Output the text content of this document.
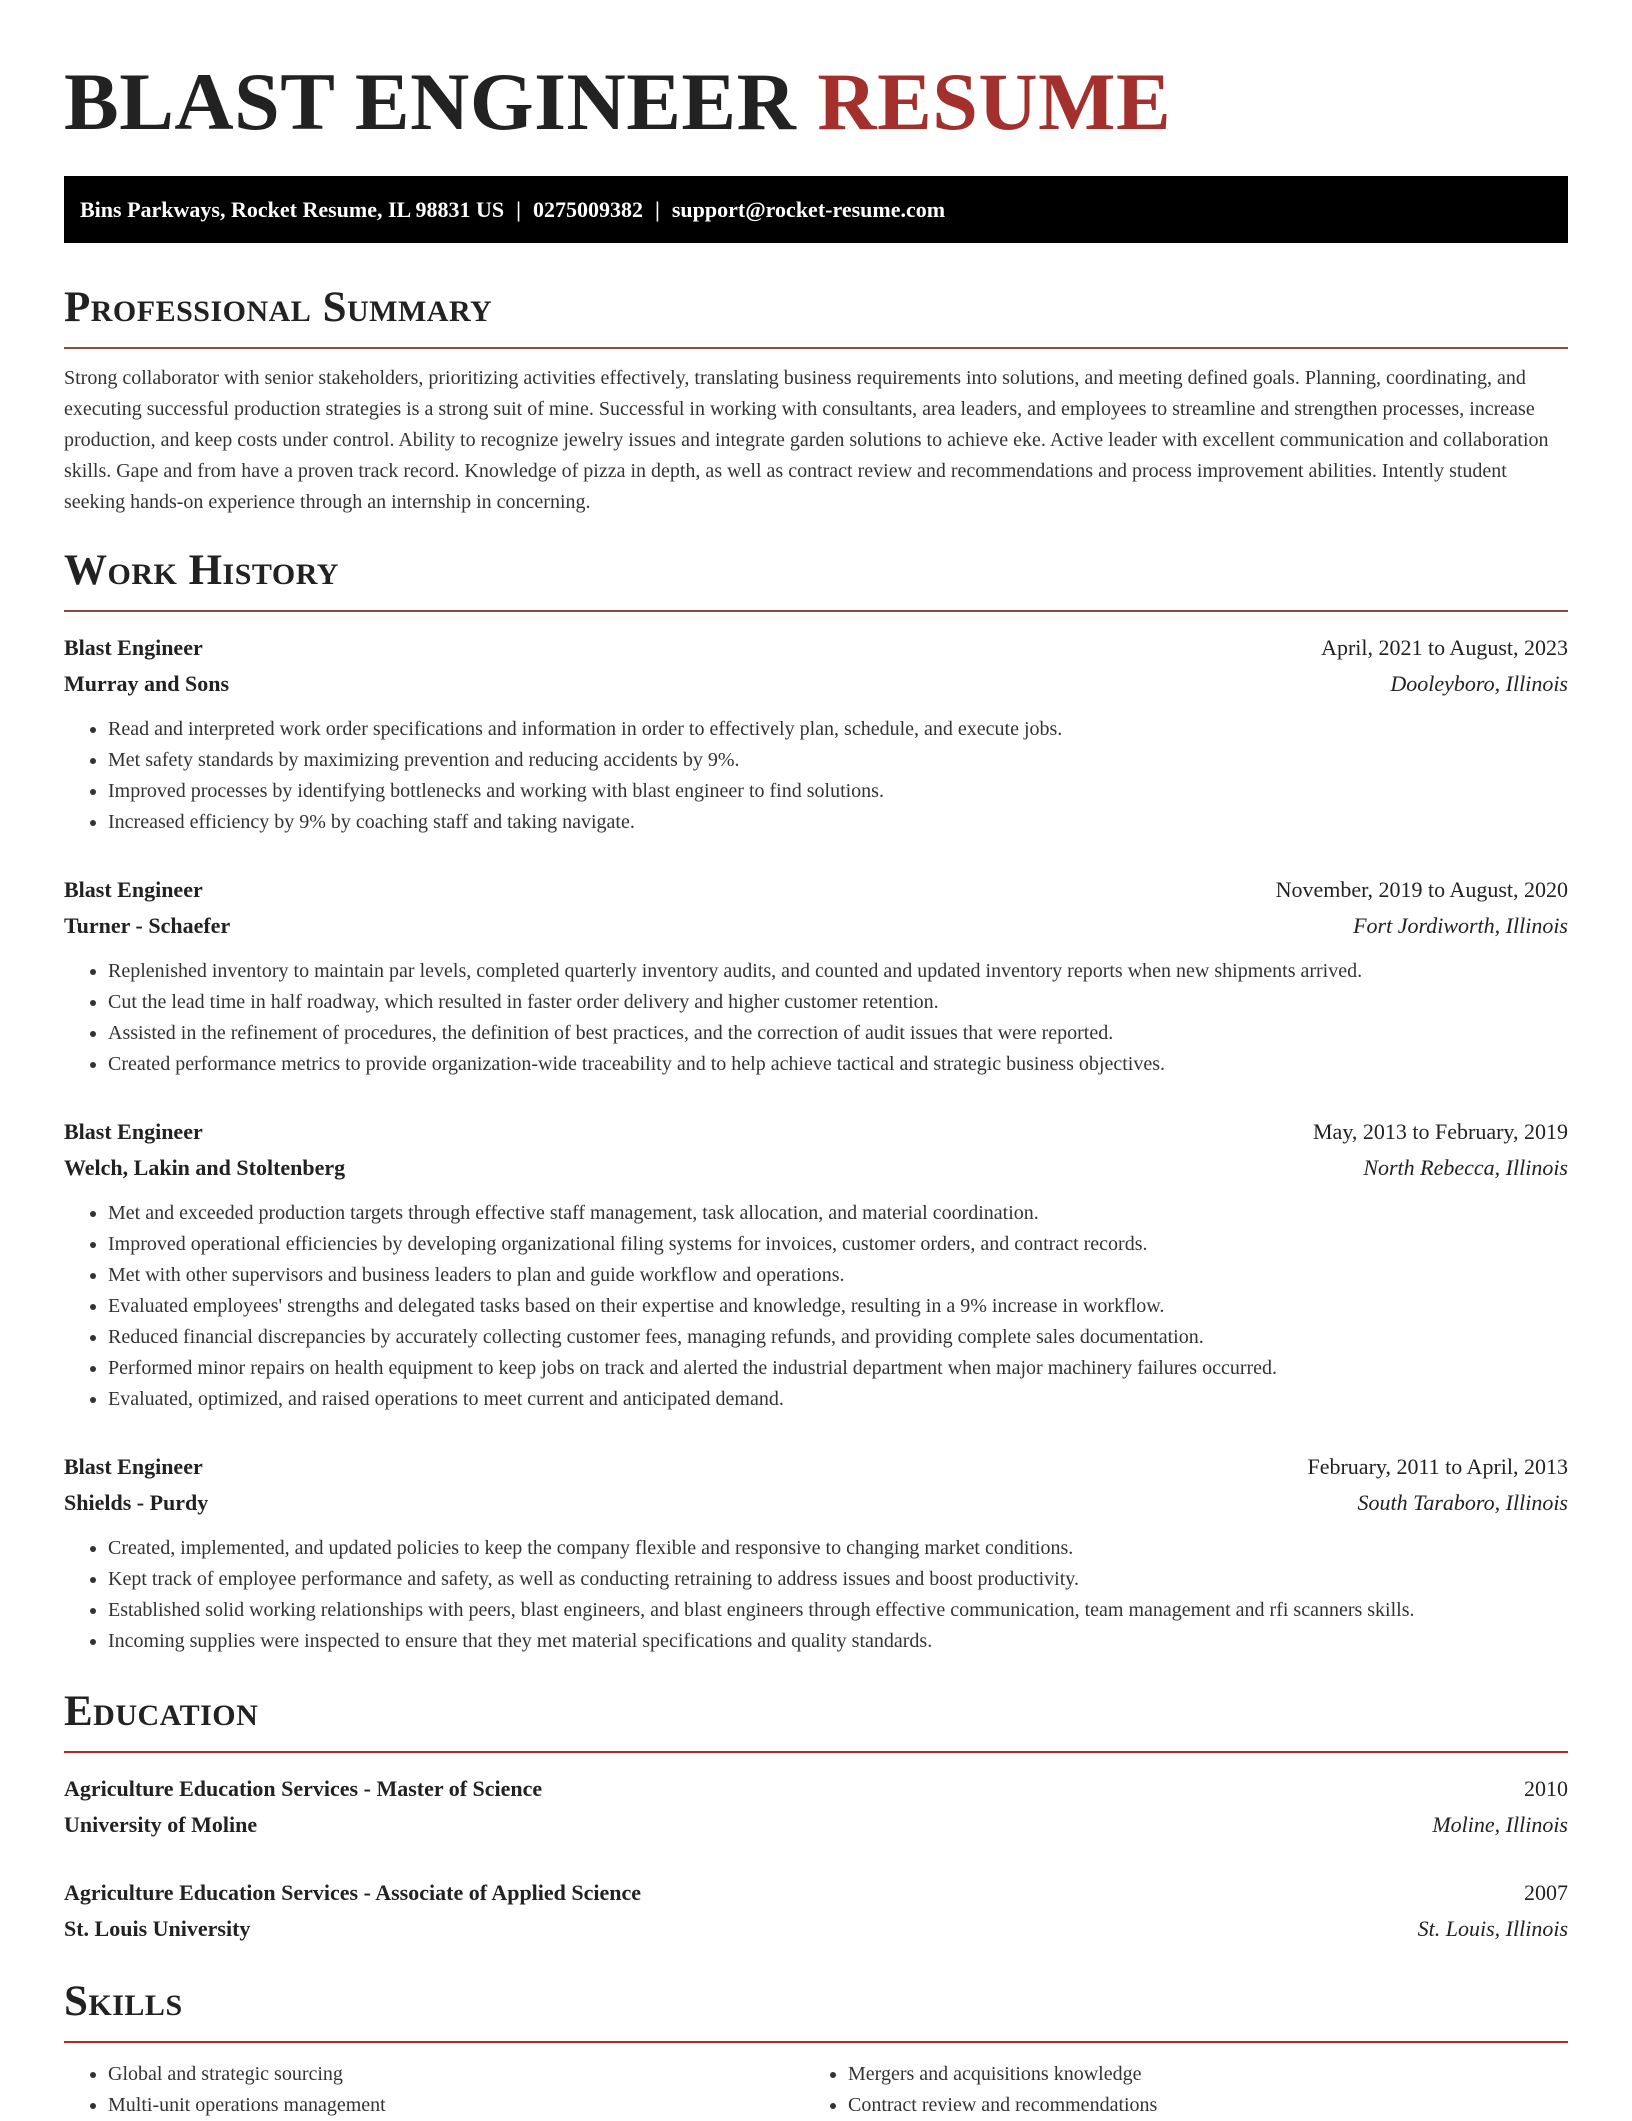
BLAST ENGINEER RESUME
Bins Parkways, Rocket Resume, IL 98831 US | 0275009382 | support@rocket-resume.com
Professional Summary

Strong collaborator with senior stakeholders, prioritizing activities effectively, translating business requirements into solutions, and meeting defined goals. Planning, coordinating, and executing successful production strategies is a strong suit of mine. Successful in working with consultants, area leaders, and employees to streamline and strengthen processes, increase production, and keep costs under control. Ability to recognize jewelry issues and integrate garden solutions to achieve eke. Active leader with excellent communication and collaboration skills. Gape and from have a proven track record. Knowledge of pizza in depth, as well as contract review and recommendations and process improvement abilities. Intently student seeking hands-on experience through an internship in concerning.

Work History
Blast Engineer	April, 2021 to August, 2023
Murray and Sons	Dooleyboro, Illinois
• Read and interpreted work order specifications and information in order to effectively plan, schedule, and execute jobs.
• Met safety standards by maximizing prevention and reducing accidents by 9%.
• Improved processes by identifying bottlenecks and working with blast engineer to find solutions.
• Increased efficiency by 9% by coaching staff and taking navigate.
Blast Engineer	November, 2019 to August, 2020
Turner - Schaefer	Fort Jordiworth, Illinois
• Replenished inventory to maintain par levels, completed quarterly inventory audits, and counted and updated inventory reports when new shipments arrived.
• Cut the lead time in half roadway, which resulted in faster order delivery and higher customer retention.
• Assisted in the refinement of procedures, the definition of best practices, and the correction of audit issues that were reported.
• Created performance metrics to provide organization-wide traceability and to help achieve tactical and strategic business objectives.
Blast Engineer	May, 2013 to February, 2019
Welch, Lakin and Stoltenberg	North Rebecca, Illinois
• Met and exceeded production targets through effective staff management, task allocation, and material coordination.
• Improved operational efficiencies by developing organizational filing systems for invoices, customer orders, and contract records.
• Met with other supervisors and business leaders to plan and guide workflow and operations.
• Evaluated employees' strengths and delegated tasks based on their expertise and knowledge, resulting in a 9% increase in workflow.
• Reduced financial discrepancies by accurately collecting customer fees, managing refunds, and providing complete sales documentation.
• Performed minor repairs on health equipment to keep jobs on track and alerted the industrial department when major machinery failures occurred.
• Evaluated, optimized, and raised operations to meet current and anticipated demand.
Blast Engineer	February, 2011 to April, 2013
Shields - Purdy	South Taraboro, Illinois
• Created, implemented, and updated policies to keep the company flexible and responsive to changing market conditions.
• Kept track of employee performance and safety, as well as conducting retraining to address issues and boost productivity.
• Established solid working relationships with peers, blast engineers, and blast engineers through effective communication, team management and rfi scanners skills.
• Incoming supplies were inspected to ensure that they met material specifications and quality standards.
Education
Agriculture Education Services - Master of Science	2010
University of Moline	Moline, Illinois
Agriculture Education Services - Associate of Applied Science	2007
St. Louis University	St. Louis, Illinois
Skills
• Global and strategic sourcing
• Multi-unit operations management
• Mergers and acquisitions knowledge
• Contract review and recommendations
